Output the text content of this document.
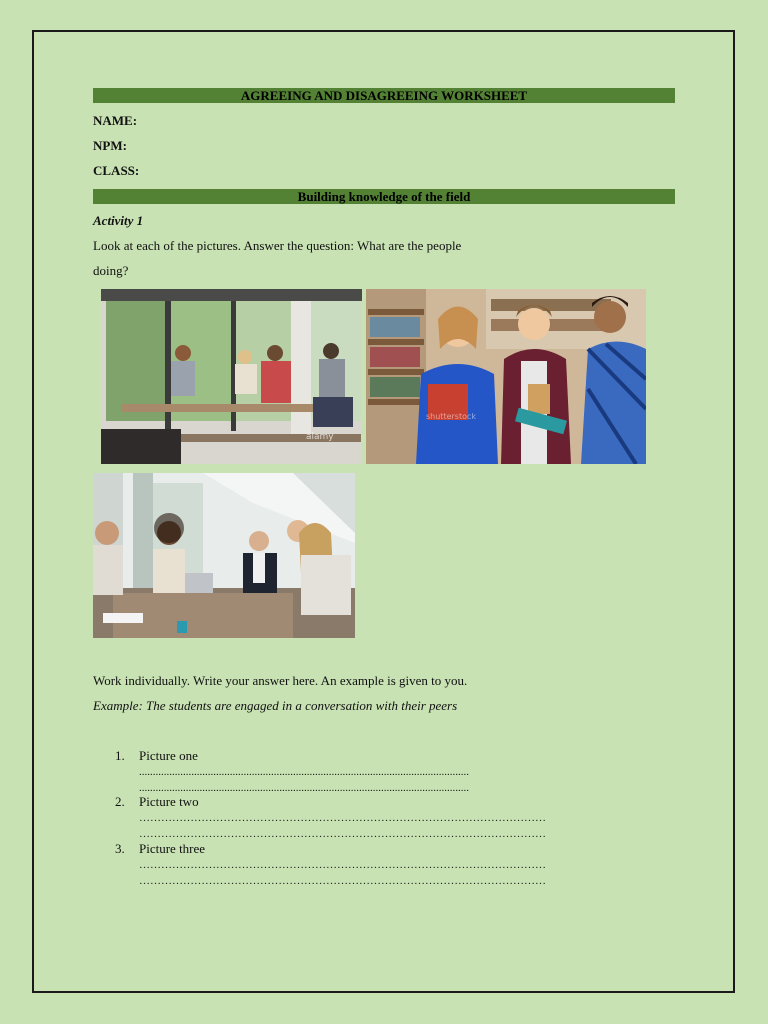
AGREEING AND DISAGREEING WORKSHEET
NAME:
NPM:
CLASS:
Building knowledge of the field
Activity 1
Look at each of the pictures. Answer the question: What are the people
doing?
alamy
shutterstock
Work individually. Write your answer here. An example is given to you.
Example: The students are engaged in a conversation with their peers
1. Picture one
........................................................................................................................
........................................................................................................................
2. Picture two
…………………………………………………………………………………………………
…………………………………………………………………………………………………
3. Picture three
…………………………………………………………………………………………………
…………………………………………………………………………………………………
